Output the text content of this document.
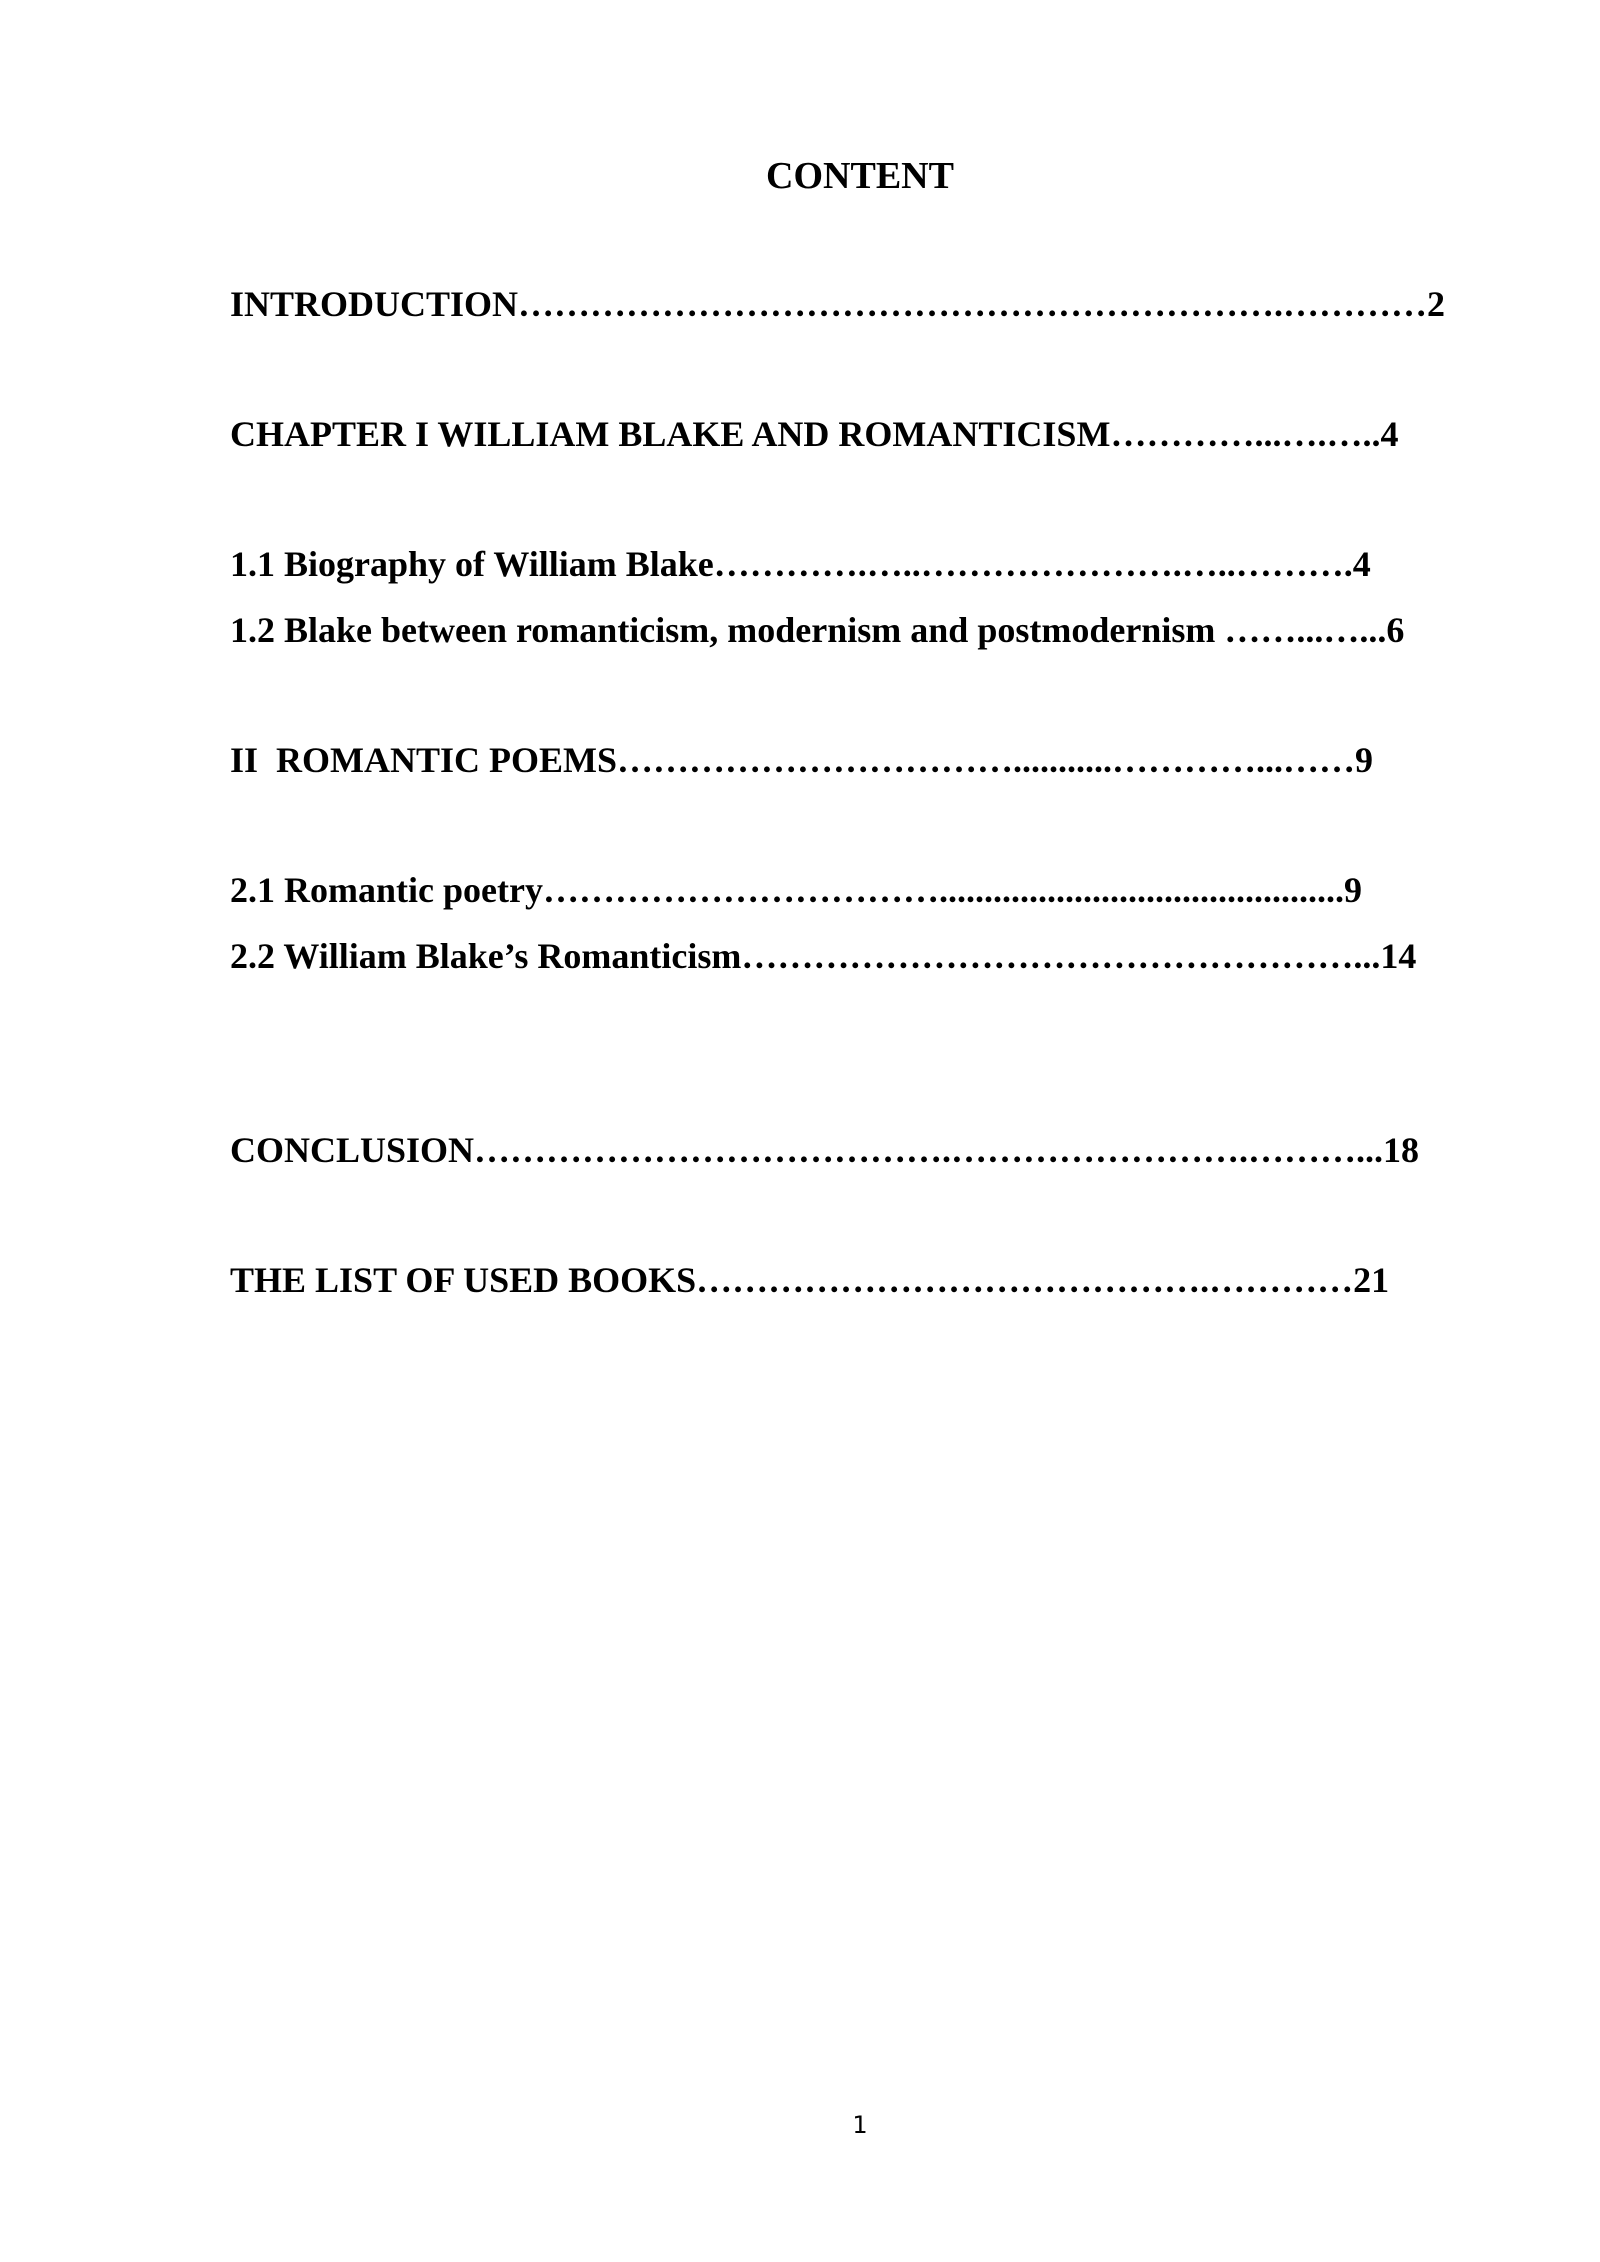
CONTENT

INTRODUCTION……………………………………………………….…………2

CHAPTER I WILLIAM BLAKE AND ROMANTICISM…………...….…..4

1.1 Biography of William Blake………….…..………………….…..……….4

1.2 Blake between romanticism, modernism and postmodernism ……...…...6

II  ROMANTIC POEMS……………………………...........…………...……9

2.1 Romantic poetry…………………………….............................................9

2.2 William Blake’s Romanticism……………………………………………...14

CONCLUSION………………………………….…………………….………...18

THE LIST OF USED BOOKS…………………………………….…………21

1
